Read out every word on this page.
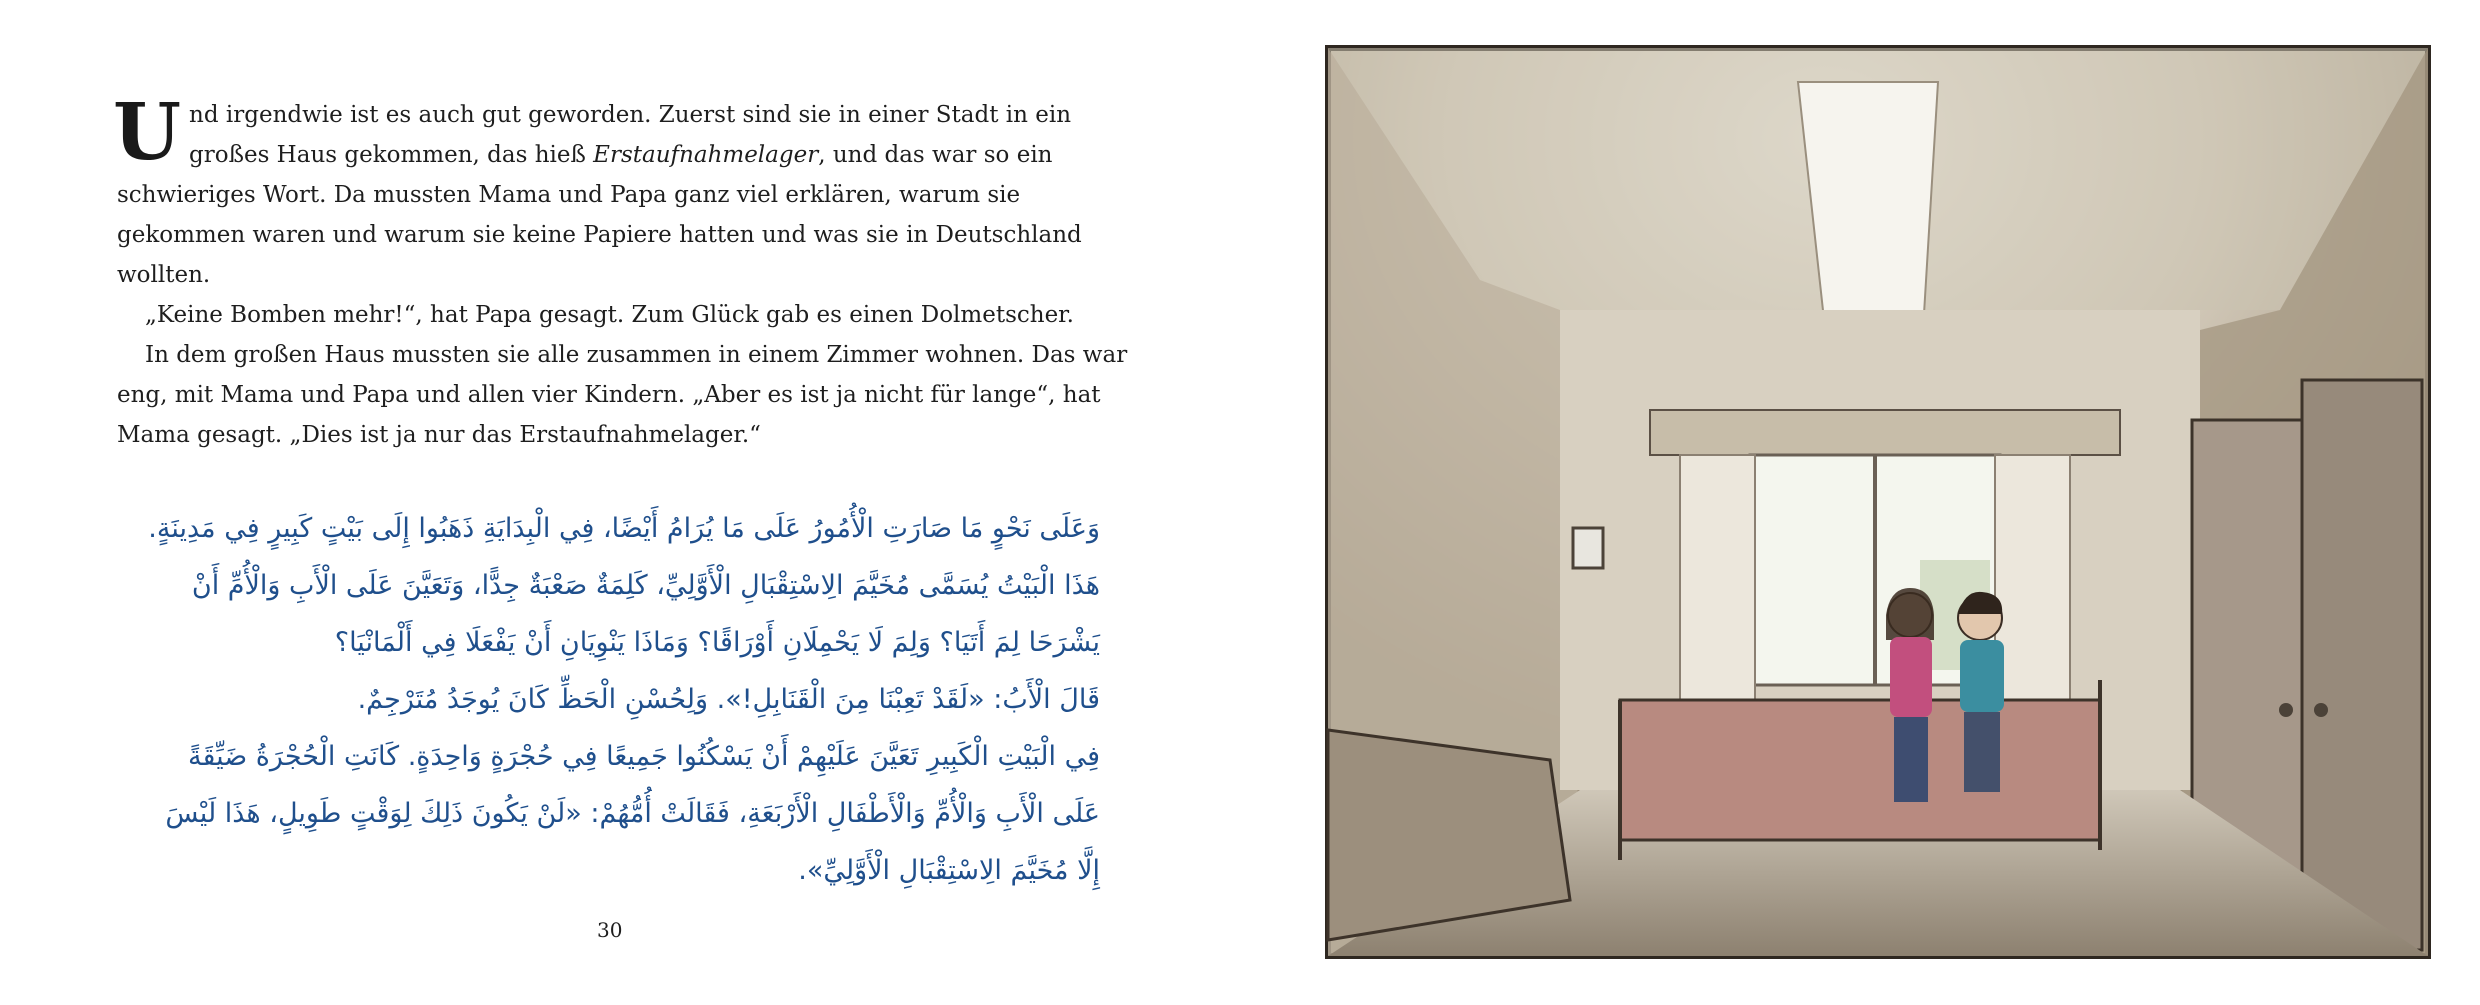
Und irgendwie ist es auch gut geworden. Zuerst sind sie in einer Stadt in ein großes Haus gekommen, das hieß Erstaufnahmelager, und das war so ein schwieriges Wort. Da mussten Mama und Papa ganz viel erklären, warum sie gekommen waren und warum sie keine Papiere hatten und was sie in Deutschland wollten.

„Keine Bomben mehr!“, hat Papa gesagt. Zum Glück gab es einen Dolmetscher.

In dem großen Haus mussten sie alle zusammen in einem Zimmer wohnen. Das war eng, mit Mama und Papa und allen vier Kindern. „Aber es ist ja nicht für lange“, hat Mama gesagt. „Dies ist ja nur das Erstaufnahmelager.“

وَعَلَى نَحْوٍ مَا صَارَتِ الْأُمُورُ عَلَى مَا يُرَامُ أَيْضًا، فِي الْبِدَايَةِ ذَهَبُوا إِلَى بَيْتٍ كَبِيرٍ فِي مَدِينَةٍ. هَذَا الْبَيْتُ يُسَمَّى مُخَيَّمَ الِاسْتِقْبَالِ الْأَوَّلِيِّ، كَلِمَةٌ صَعْبَةٌ جِدًّا، وَتَعَيَّنَ عَلَى الْأَبِ وَالْأُمِّ أَنْ يَشْرَحَا لِمَ أَتَيَا؟ وَلِمَ لَا يَحْمِلَانِ أَوْرَاقًا؟ وَمَاذَا يَنْوِيَانِ أَنْ يَفْعَلَا فِي أَلْمَانْيَا؟

قَالَ الْأَبُ: «لَقَدْ تَعِبْنَا مِنَ الْقَنَابِلِ!». وَلِحُسْنِ الْحَظِّ كَانَ يُوجَدُ مُتَرْجِمٌ.

فِي الْبَيْتِ الْكَبِيرِ تَعَيَّنَ عَلَيْهِمْ أَنْ يَسْكُنُوا جَمِيعًا فِي حُجْرَةٍ وَاحِدَةٍ. كَانَتِ الْحُجْرَةُ ضَيِّقَةً عَلَى الْأَبِ وَالْأُمِّ وَالْأَطْفَالِ الْأَرْبَعَةِ، فَقَالَتْ أُمُّهُمْ: «لَنْ يَكُونَ ذَلِكَ لِوَقْتٍ طَوِيلٍ، هَذَا لَيْسَ إِلَّا مُخَيَّمَ الِاسْتِقْبَالِ الْأَوَّلِيِّ».

30
